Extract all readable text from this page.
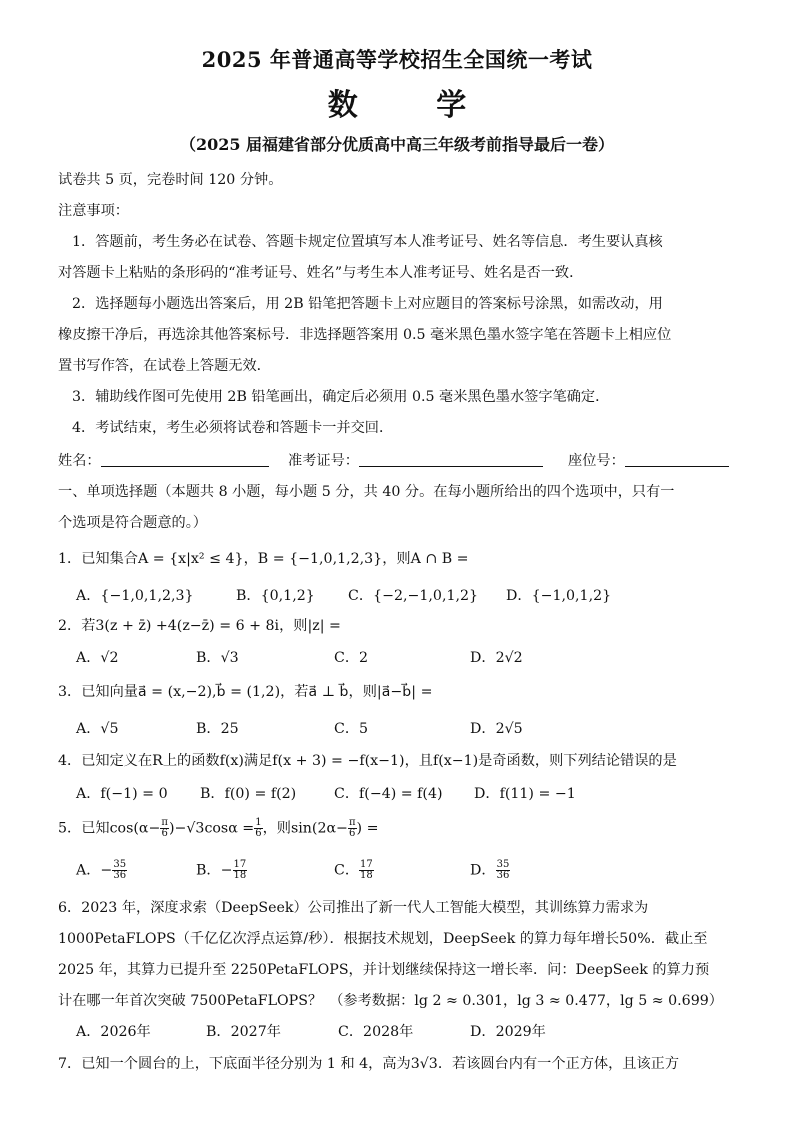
2025 年普通高等学校招生全国统一考试
数 学
（2025 届福建省部分优质高中高三年级考前指导最后一卷）
试卷共 5 页，完卷时间 120 分钟。
注意事项：
1．答题前，考生务必在试卷、答题卡规定位置填写本人准考证号、姓名等信息．考生要认真核
对答题卡上粘贴的条形码的“准考证号、姓名”与考生本人准考证号、姓名是否一致．
2．选择题每小题选出答案后，用 2B 铅笔把答题卡上对应题目的答案标号涂黑，如需改动，用
橡皮擦干净后，再选涂其他答案标号．非选择题答案用 0.5 毫米黑色墨水签字笔在答题卡上相应位
置书写作答，在试卷上答题无效．
3．辅助线作图可先使用 2B 铅笔画出，确定后必须用 0.5 毫米黑色墨水签字笔确定．
4．考试结束，考生必须将试卷和答题卡一并交回．
姓名：	准考证号：	座位号：
一、单项选择题（本题共 8 小题，每小题 5 分，共 40 分。在每小题所给出的四个选项中，只有一
个选项是符合题意的。）
1．已知集合A = {x|x² ≤ 4}，B = {−1,0,1,2,3}，则A ∩ B =
A．{−1,0,1,2,3}	B．{0,1,2} C．{−2,−1,0,1,2} D．{−1,0,1,2}
2．若3(z + z̄) +4(z−z̄) = 6 + 8i，则|z| =
A．√2	B．√3	C．2	D．2√2
3．已知向量a⃗ = (x,−2),b⃗ = (1,2)，若a⃗ ⊥ b⃗，则|a⃗−b⃗| =
A．√5	B．25	C．5	D．2√5
4．已知定义在R上的函数f(x)满足f(x + 3) = −f(x−1)，且f(x−1)是奇函数，则下列结论错误的是
A．f(−1) = 0 B．f(0) = f(2)	C．f(−4) = f(4) D．f(11) = −1
5．已知$\cos(\alpha- \frac{\pi}{6} )-√3\cos\alpha = \frac{1}{6}$ ，则$\sin(2\alpha- \frac{\pi}{6}$ ) =
A．− $\frac{35}{36}$	B．− $\frac{17}{18}$	C． $\frac{17}{18}$	D． $\frac{35}{36}$
6．2023 年，深度求索（DeepSeek）公司推出了新一代人工智能大模型，其训练算力需求为
1000PetaFLOPS（千亿亿次浮点运算/秒）．根据技术规划，DeepSeek 的算力每年增长50%．截止至
2025 年，其算力已提升至 2250PetaFLOPS，并计划继续保持这一增长率．问：DeepSeek 的算力预
计在哪一年首次突破 7500PetaFLOPS？　（参考数据：lg 2 ≈ 0.301，lg 3 ≈ 0.477，lg 5 ≈ 0.699）
A．2026年	B．2027年	C．2028年	D．2029年
7．已知一个圆台的上，下底面半径分别为 1 和 4，高为3√3．若该圆台内有一个正方体，且该正方
